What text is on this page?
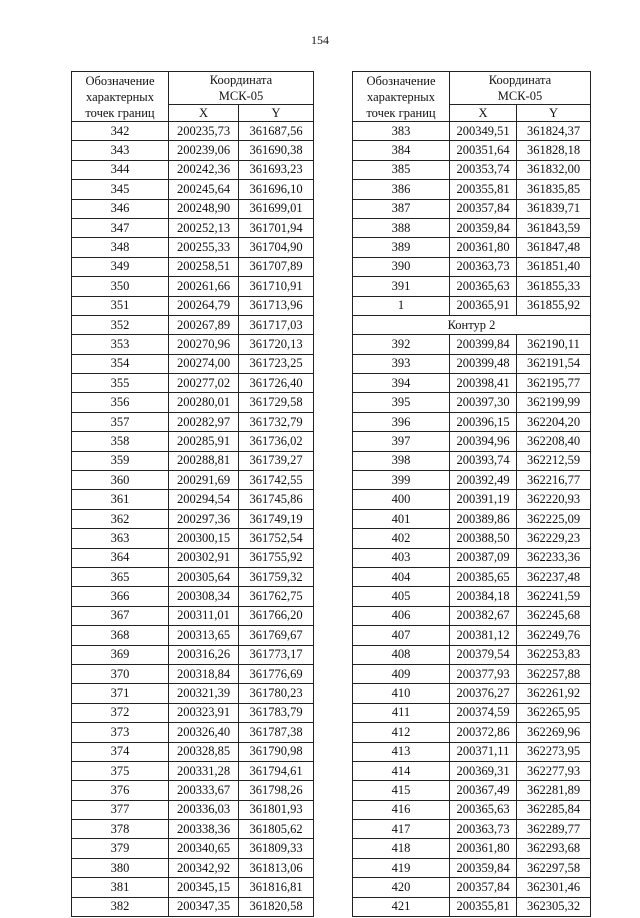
154
Обозначение
характерных
точек границ	Координата
МСК-05	
	X	Y
342	200235,73	361687,56
343	200239,06	361690,38
344	200242,36	361693,23
345	200245,64	361696,10
346	200248,90	361699,01
347	200252,13	361701,94
348	200255,33	361704,90
349	200258,51	361707,89
350	200261,66	361710,91
351	200264,79	361713,96
352	200267,89	361717,03
353	200270,96	361720,13
354	200274,00	361723,25
355	200277,02	361726,40
356	200280,01	361729,58
357	200282,97	361732,79
358	200285,91	361736,02
359	200288,81	361739,27
360	200291,69	361742,55
361	200294,54	361745,86
362	200297,36	361749,19
363	200300,15	361752,54
364	200302,91	361755,92
365	200305,64	361759,32
366	200308,34	361762,75
367	200311,01	361766,20
368	200313,65	361769,67
369	200316,26	361773,17
370	200318,84	361776,69
371	200321,39	361780,23
372	200323,91	361783,79
373	200326,40	361787,38
374	200328,85	361790,98
375	200331,28	361794,61
376	200333,67	361798,26
377	200336,03	361801,93
378	200338,36	361805,62
379	200340,65	361809,33
380	200342,92	361813,06
381	200345,15	361816,81
382	200347,35	361820,58
Обозначение
характерных
точек границ	Координата
МСК-05	
	X	Y
383	200349,51	361824,37
384	200351,64	361828,18
385	200353,74	361832,00
386	200355,81	361835,85
387	200357,84	361839,71
388	200359,84	361843,59
389	200361,80	361847,48
390	200363,73	361851,40
391	200365,63	361855,33
1	200365,91	361855,92
Контур 2		
392	200399,84	362190,11
393	200399,48	362191,54
394	200398,41	362195,77
395	200397,30	362199,99
396	200396,15	362204,20
397	200394,96	362208,40
398	200393,74	362212,59
399	200392,49	362216,77
400	200391,19	362220,93
401	200389,86	362225,09
402	200388,50	362229,23
403	200387,09	362233,36
404	200385,65	362237,48
405	200384,18	362241,59
406	200382,67	362245,68
407	200381,12	362249,76
408	200379,54	362253,83
409	200377,93	362257,88
410	200376,27	362261,92
411	200374,59	362265,95
412	200372,86	362269,96
413	200371,11	362273,95
414	200369,31	362277,93
415	200367,49	362281,89
416	200365,63	362285,84
417	200363,73	362289,77
418	200361,80	362293,68
419	200359,84	362297,58
420	200357,84	362301,46
421	200355,81	362305,32
